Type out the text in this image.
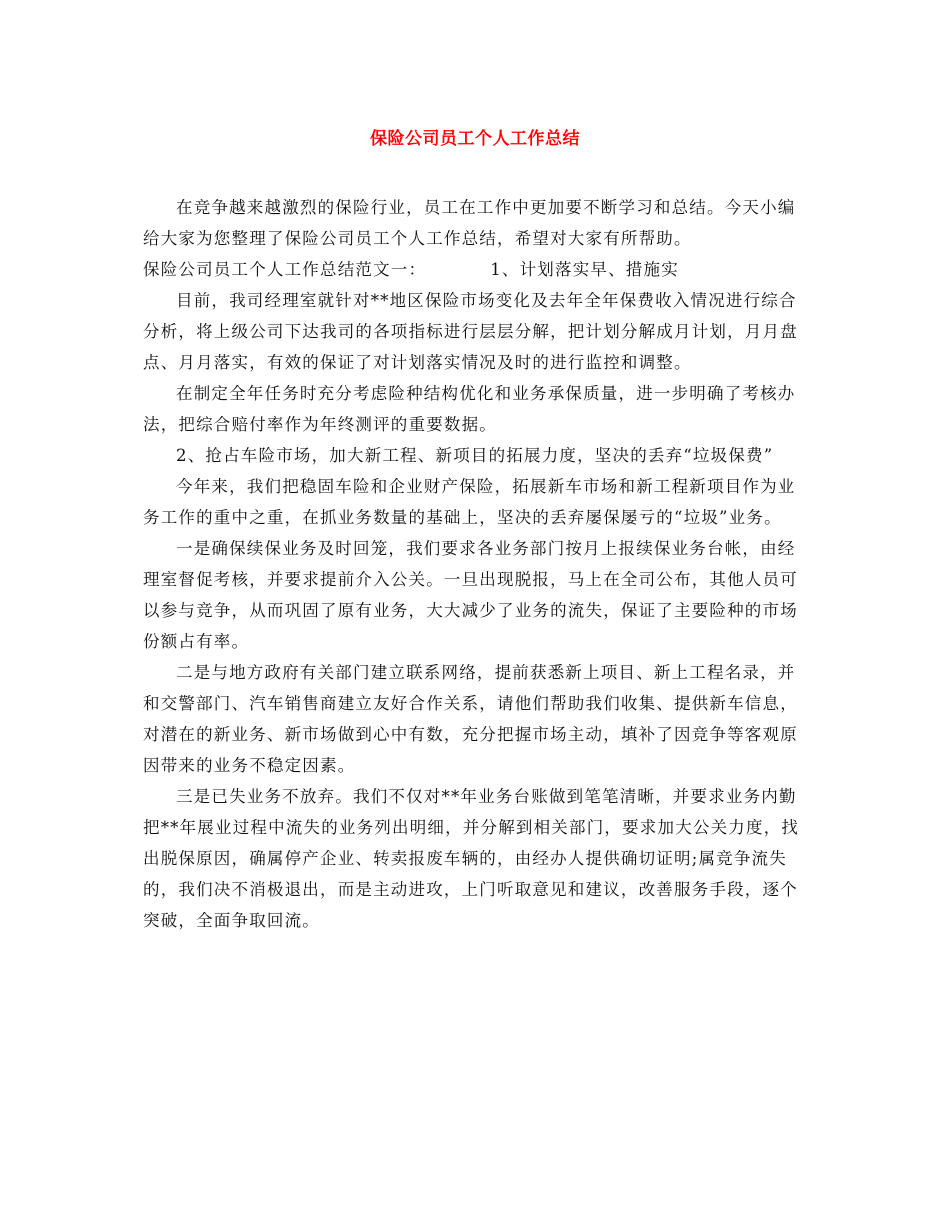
保险公司员工个人工作总结

在竞争越来越激烈的保险行业，员工在工作中更加要不断学习和总结。今天小编给大家为您整理了保险公司员工个人工作总结，希望对大家有所帮助。

保险公司员工个人工作总结范文一：	1、计划落实早、措施实

目前，我司经理室就针对**地区保险市场变化及去年全年保费收入情况进行综合分析，将上级公司下达我司的各项指标进行层层分解，把计划分解成月计划，月月盘点、月月落实，有效的保证了对计划落实情况及时的进行监控和调整。

在制定全年任务时充分考虑险种结构优化和业务承保质量，进一步明确了考核办法，把综合赔付率作为年终测评的重要数据。

2、抢占车险市场，加大新工程、新项目的拓展力度，坚决的丢弃“垃圾保费”

今年来，我们把稳固车险和企业财产保险，拓展新车市场和新工程新项目作为业务工作的重中之重，在抓业务数量的基础上，坚决的丢弃屡保屡亏的“垃圾”业务。

一是确保续保业务及时回笼，我们要求各业务部门按月上报续保业务台帐，由经理室督促考核，并要求提前介入公关。一旦出现脱报，马上在全司公布，其他人员可以参与竞争，从而巩固了原有业务，大大减少了业务的流失，保证了主要险种的市场份额占有率。

二是与地方政府有关部门建立联系网络，提前获悉新上项目、新上工程名录，并和交警部门、汽车销售商建立友好合作关系，请他们帮助我们收集、提供新车信息，对潜在的新业务、新市场做到心中有数，充分把握市场主动，填补了因竞争等客观原因带来的业务不稳定因素。

三是已失业务不放弃。我们不仅对**年业务台账做到笔笔清晰，并要求业务内勤把**年展业过程中流失的业务列出明细，并分解到相关部门，要求加大公关力度，找出脱保原因，确属停产企业、转卖报废车辆的，由经办人提供确切证明;属竞争流失的，我们决不消极退出，而是主动进攻，上门听取意见和建议，改善服务手段，逐个突破，全面争取回流。
